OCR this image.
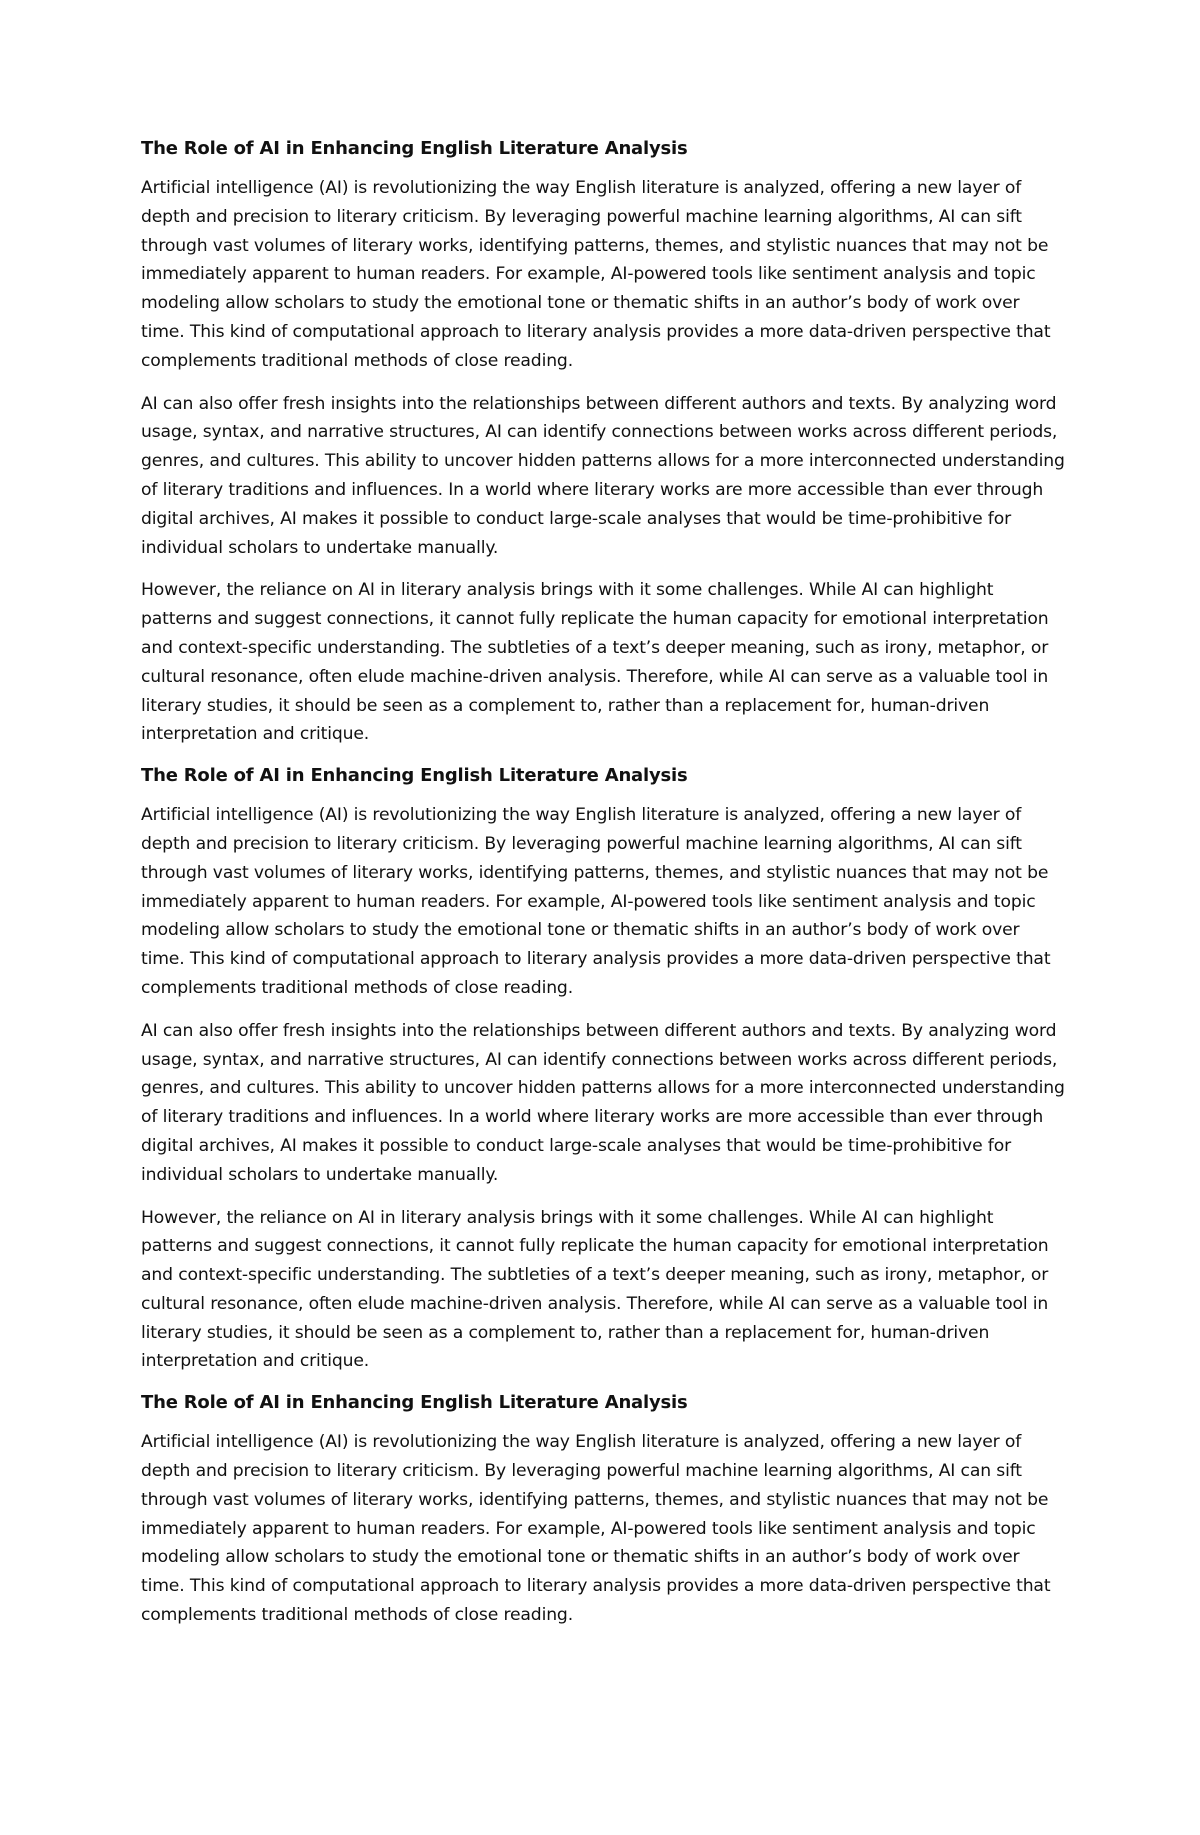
The Role of AI in Enhancing English Literature Analysis

Artificial intelligence (AI) is revolutionizing the way English literature is analyzed, offering a new layer of depth and precision to literary criticism. By leveraging powerful machine learning algorithms, AI can sift through vast volumes of literary works, identifying patterns, themes, and stylistic nuances that may not be immediately apparent to human readers. For example, AI-powered tools like sentiment analysis and topic modeling allow scholars to study the emotional tone or thematic shifts in an author’s body of work over time. This kind of computational approach to literary analysis provides a more data-driven perspective that complements traditional methods of close reading.

AI can also offer fresh insights into the relationships between different authors and texts. By analyzing word usage, syntax, and narrative structures, AI can identify connections between works across different periods, genres, and cultures. This ability to uncover hidden patterns allows for a more interconnected understanding of literary traditions and influences. In a world where literary works are more accessible than ever through digital archives, AI makes it possible to conduct large-scale analyses that would be time-prohibitive for individual scholars to undertake manually.

However, the reliance on AI in literary analysis brings with it some challenges. While AI can highlight patterns and suggest connections, it cannot fully replicate the human capacity for emotional interpretation and context-specific understanding. The subtleties of a text’s deeper meaning, such as irony, metaphor, or cultural resonance, often elude machine-driven analysis. Therefore, while AI can serve as a valuable tool in literary studies, it should be seen as a complement to, rather than a replacement for, human-driven interpretation and critique.

The Role of AI in Enhancing English Literature Analysis

Artificial intelligence (AI) is revolutionizing the way English literature is analyzed, offering a new layer of depth and precision to literary criticism. By leveraging powerful machine learning algorithms, AI can sift through vast volumes of literary works, identifying patterns, themes, and stylistic nuances that may not be immediately apparent to human readers. For example, AI-powered tools like sentiment analysis and topic modeling allow scholars to study the emotional tone or thematic shifts in an author’s body of work over time. This kind of computational approach to literary analysis provides a more data-driven perspective that complements traditional methods of close reading.

AI can also offer fresh insights into the relationships between different authors and texts. By analyzing word usage, syntax, and narrative structures, AI can identify connections between works across different periods, genres, and cultures. This ability to uncover hidden patterns allows for a more interconnected understanding of literary traditions and influences. In a world where literary works are more accessible than ever through digital archives, AI makes it possible to conduct large-scale analyses that would be time-prohibitive for individual scholars to undertake manually.

However, the reliance on AI in literary analysis brings with it some challenges. While AI can highlight patterns and suggest connections, it cannot fully replicate the human capacity for emotional interpretation and context-specific understanding. The subtleties of a text’s deeper meaning, such as irony, metaphor, or cultural resonance, often elude machine-driven analysis. Therefore, while AI can serve as a valuable tool in literary studies, it should be seen as a complement to, rather than a replacement for, human-driven interpretation and critique.

The Role of AI in Enhancing English Literature Analysis

Artificial intelligence (AI) is revolutionizing the way English literature is analyzed, offering a new layer of depth and precision to literary criticism. By leveraging powerful machine learning algorithms, AI can sift through vast volumes of literary works, identifying patterns, themes, and stylistic nuances that may not be immediately apparent to human readers. For example, AI-powered tools like sentiment analysis and topic modeling allow scholars to study the emotional tone or thematic shifts in an author’s body of work over time. This kind of computational approach to literary analysis provides a more data-driven perspective that complements traditional methods of close reading.
